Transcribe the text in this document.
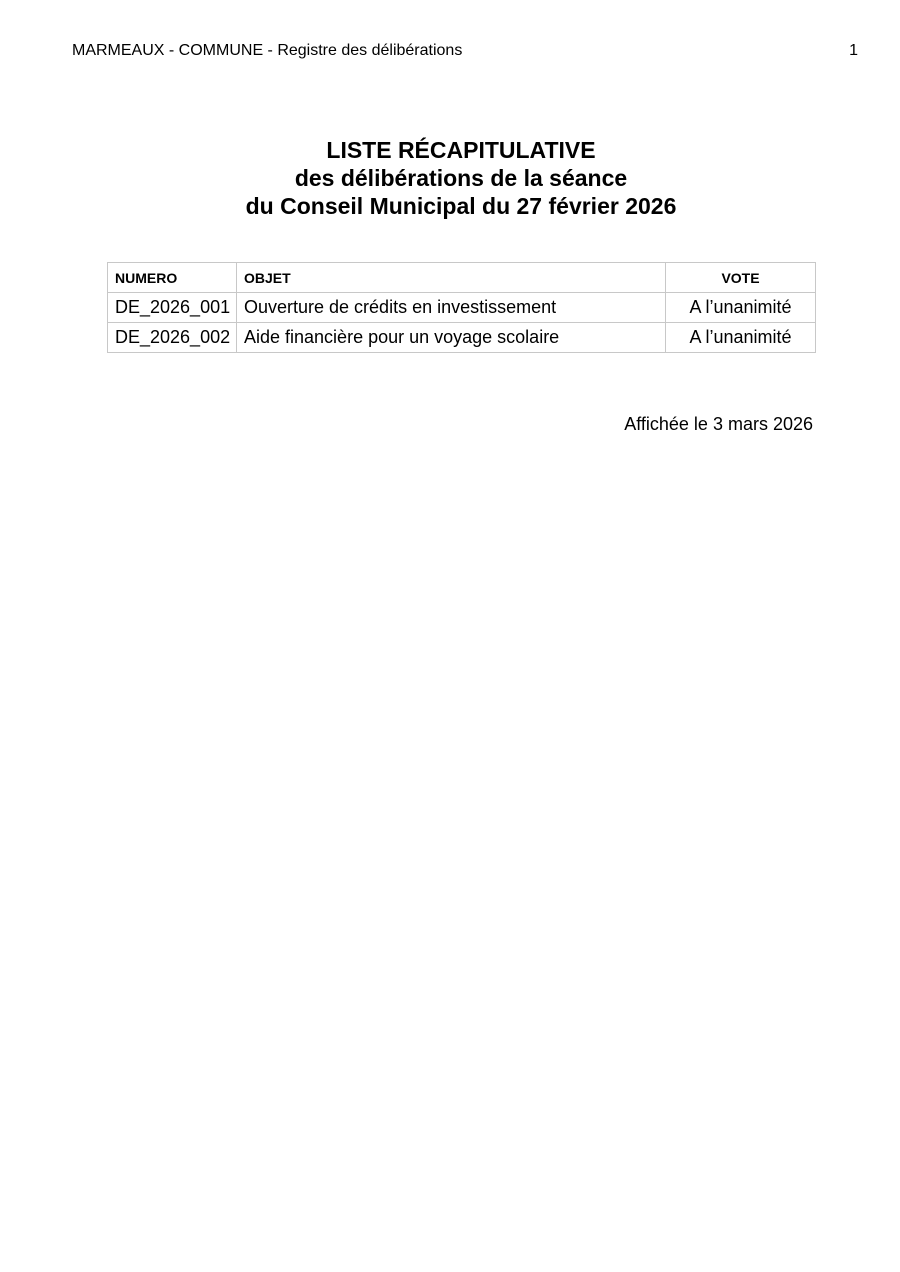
MARMEAUX - COMMUNE - Registre des délibérations	1
LISTE RÉCAPITULATIVE
des délibérations de la séance
du Conseil Municipal du 27 février 2026
NUMERO	OBJET	VOTE
DE_2026_001	Ouverture de crédits en investissement	A l’unanimité
DE_2026_002	Aide financière pour un voyage scolaire	A l’unanimité
Affichée le 3 mars 2026
